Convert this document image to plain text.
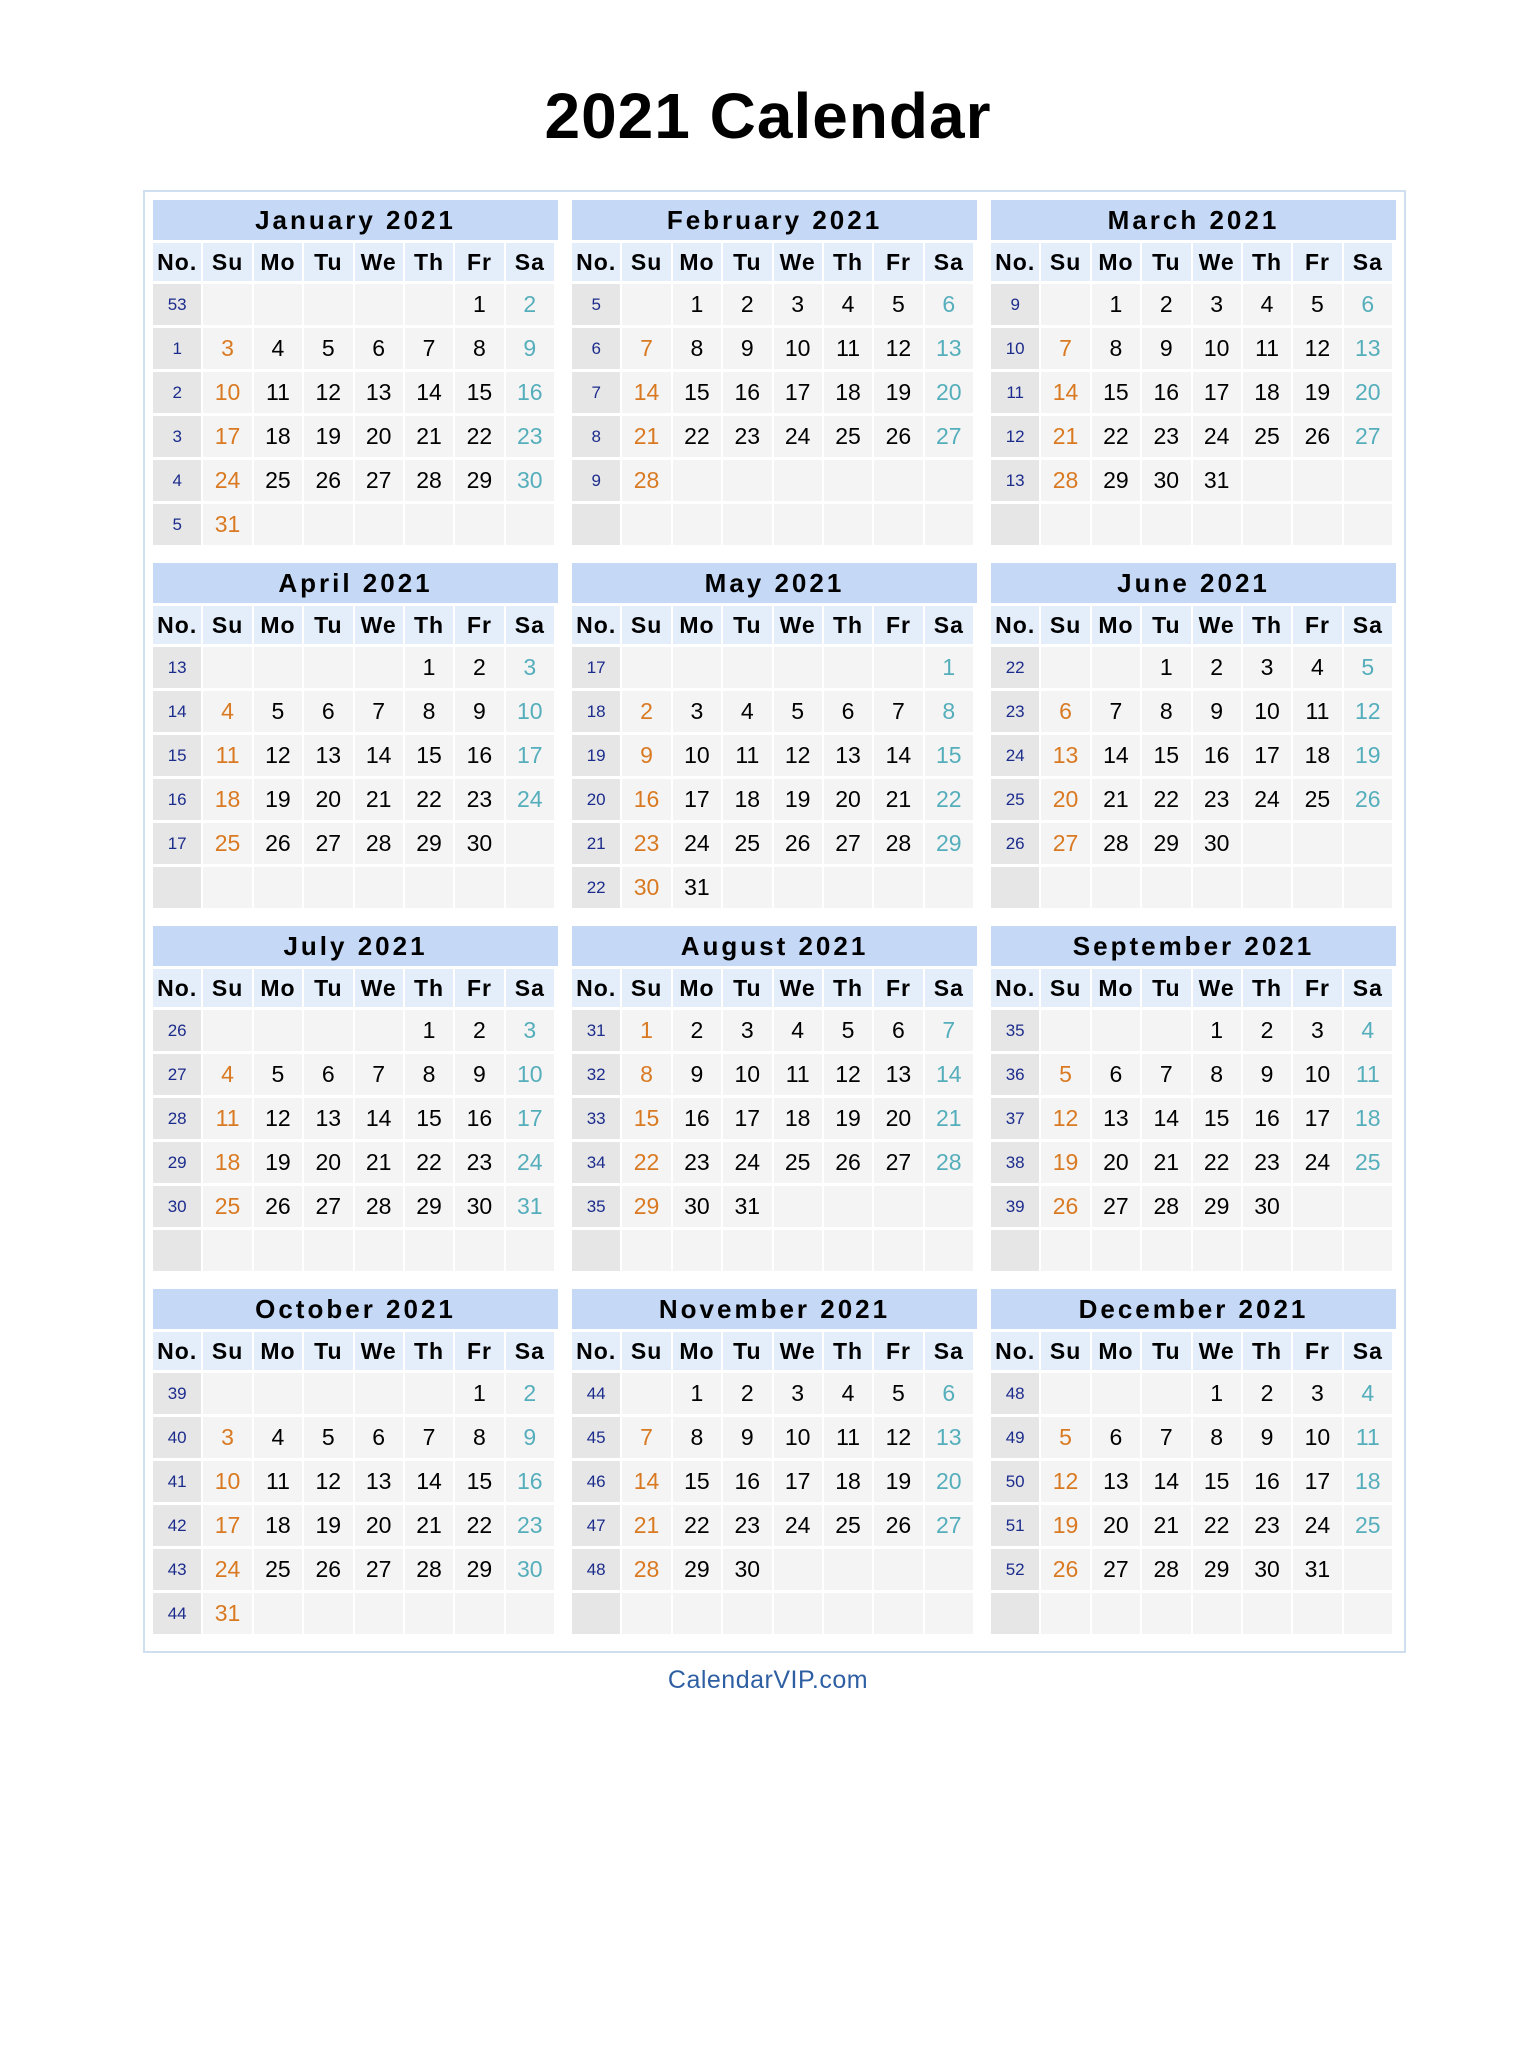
2021 Calendar
January 2021
No.	Su	Mo	Tu	We	Th	Fr	Sa
53						1	2
1	3	4	5	6	7	8	9
2	10	11	12	13	14	15	16
3	17	18	19	20	21	22	23
4	24	25	26	27	28	29	30
5	31						
February 2021
No.	Su	Mo	Tu	We	Th	Fr	Sa
5		1	2	3	4	5	6
6	7	8	9	10	11	12	13
7	14	15	16	17	18	19	20
8	21	22	23	24	25	26	27
9	28						

March 2021
No.	Su	Mo	Tu	We	Th	Fr	Sa
9		1	2	3	4	5	6
10	7	8	9	10	11	12	13
11	14	15	16	17	18	19	20
12	21	22	23	24	25	26	27
13	28	29	30	31			

April 2021
No.	Su	Mo	Tu	We	Th	Fr	Sa
13					1	2	3
14	4	5	6	7	8	9	10
15	11	12	13	14	15	16	17
16	18	19	20	21	22	23	24
17	25	26	27	28	29	30	

May 2021
No.	Su	Mo	Tu	We	Th	Fr	Sa
17							1
18	2	3	4	5	6	7	8
19	9	10	11	12	13	14	15
20	16	17	18	19	20	21	22
21	23	24	25	26	27	28	29
22	30	31					
June 2021
No.	Su	Mo	Tu	We	Th	Fr	Sa
22			1	2	3	4	5
23	6	7	8	9	10	11	12
24	13	14	15	16	17	18	19
25	20	21	22	23	24	25	26
26	27	28	29	30			

July 2021
No.	Su	Mo	Tu	We	Th	Fr	Sa
26					1	2	3
27	4	5	6	7	8	9	10
28	11	12	13	14	15	16	17
29	18	19	20	21	22	23	24
30	25	26	27	28	29	30	31

August 2021
No.	Su	Mo	Tu	We	Th	Fr	Sa
31	1	2	3	4	5	6	7
32	8	9	10	11	12	13	14
33	15	16	17	18	19	20	21
34	22	23	24	25	26	27	28
35	29	30	31				

September 2021
No.	Su	Mo	Tu	We	Th	Fr	Sa
35				1	2	3	4
36	5	6	7	8	9	10	11
37	12	13	14	15	16	17	18
38	19	20	21	22	23	24	25
39	26	27	28	29	30		

October 2021
No.	Su	Mo	Tu	We	Th	Fr	Sa
39						1	2
40	3	4	5	6	7	8	9
41	10	11	12	13	14	15	16
42	17	18	19	20	21	22	23
43	24	25	26	27	28	29	30
44	31						
November 2021
No.	Su	Mo	Tu	We	Th	Fr	Sa
44		1	2	3	4	5	6
45	7	8	9	10	11	12	13
46	14	15	16	17	18	19	20
47	21	22	23	24	25	26	27
48	28	29	30				

December 2021
No.	Su	Mo	Tu	We	Th	Fr	Sa
48				1	2	3	4
49	5	6	7	8	9	10	11
50	12	13	14	15	16	17	18
51	19	20	21	22	23	24	25
52	26	27	28	29	30	31	

CalendarVIP.com
